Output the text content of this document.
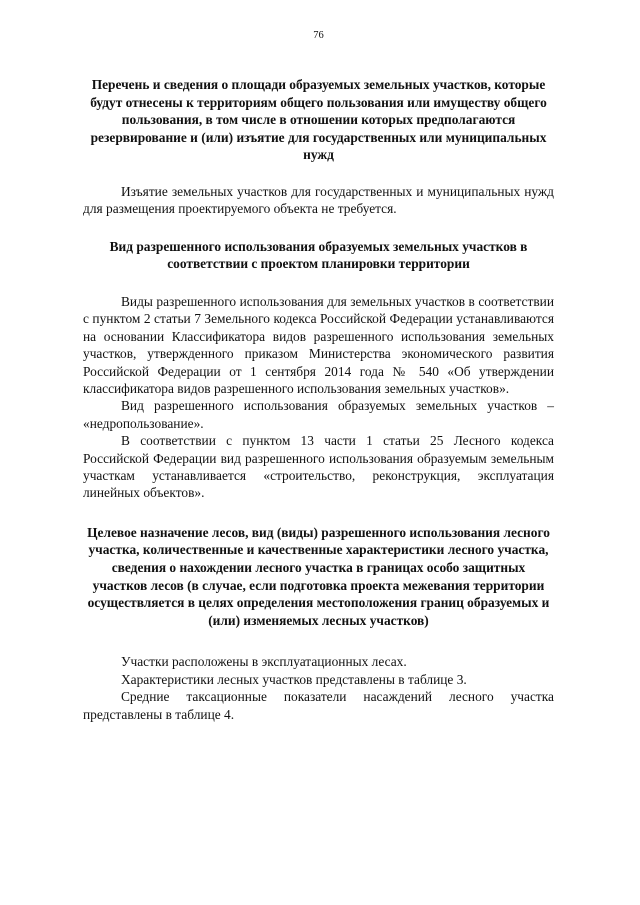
76
Перечень и сведения о площади образуемых земельных участков, которые будут отнесены к территориям общего пользования или имуществу общего пользования, в том числе в отношении которых предполагаются резервирование и (или) изъятие для государственных или муниципальных нужд

Изъятие земельных участков для государственных и муниципальных нужд для размещения проектируемого объекта не требуется.

Вид разрешенного использования образуемых земельных участков в соответствии с проектом планировки территории

Виды разрешенного использования для земельных участков в соответствии с пунктом 2 статьи 7 Земельного кодекса Российской Федерации устанавливаются на основании Классификатора видов разрешенного использования земельных участков, утвержденного приказом Министерства экономического развития Российской Федерации от 1 сентября 2014 года № 540 «Об утверждении классификатора видов разрешенного использования земельных участков».

Вид разрешенного использования образуемых земельных участков – «недропользование».

В соответствии с пунктом 13 части 1 статьи 25 Лесного кодекса Российской Федерации вид разрешенного использования образуемым земельным участкам устанавливается «строительство, реконструкция, эксплуатация линейных объектов».

Целевое назначение лесов, вид (виды) разрешенного использования лесного участка, количественные и качественные характеристики лесного участка, сведения о нахождении лесного участка в границах особо защитных участков лесов (в случае, если подготовка проекта межевания территории осуществляется в целях определения местоположения границ образуемых и (или) изменяемых лесных участков)

Участки расположены в эксплуатационных лесах.

Характеристики лесных участков представлены в таблице 3.

Средние таксационные показатели насаждений лесного участка представлены в таблице 4.
